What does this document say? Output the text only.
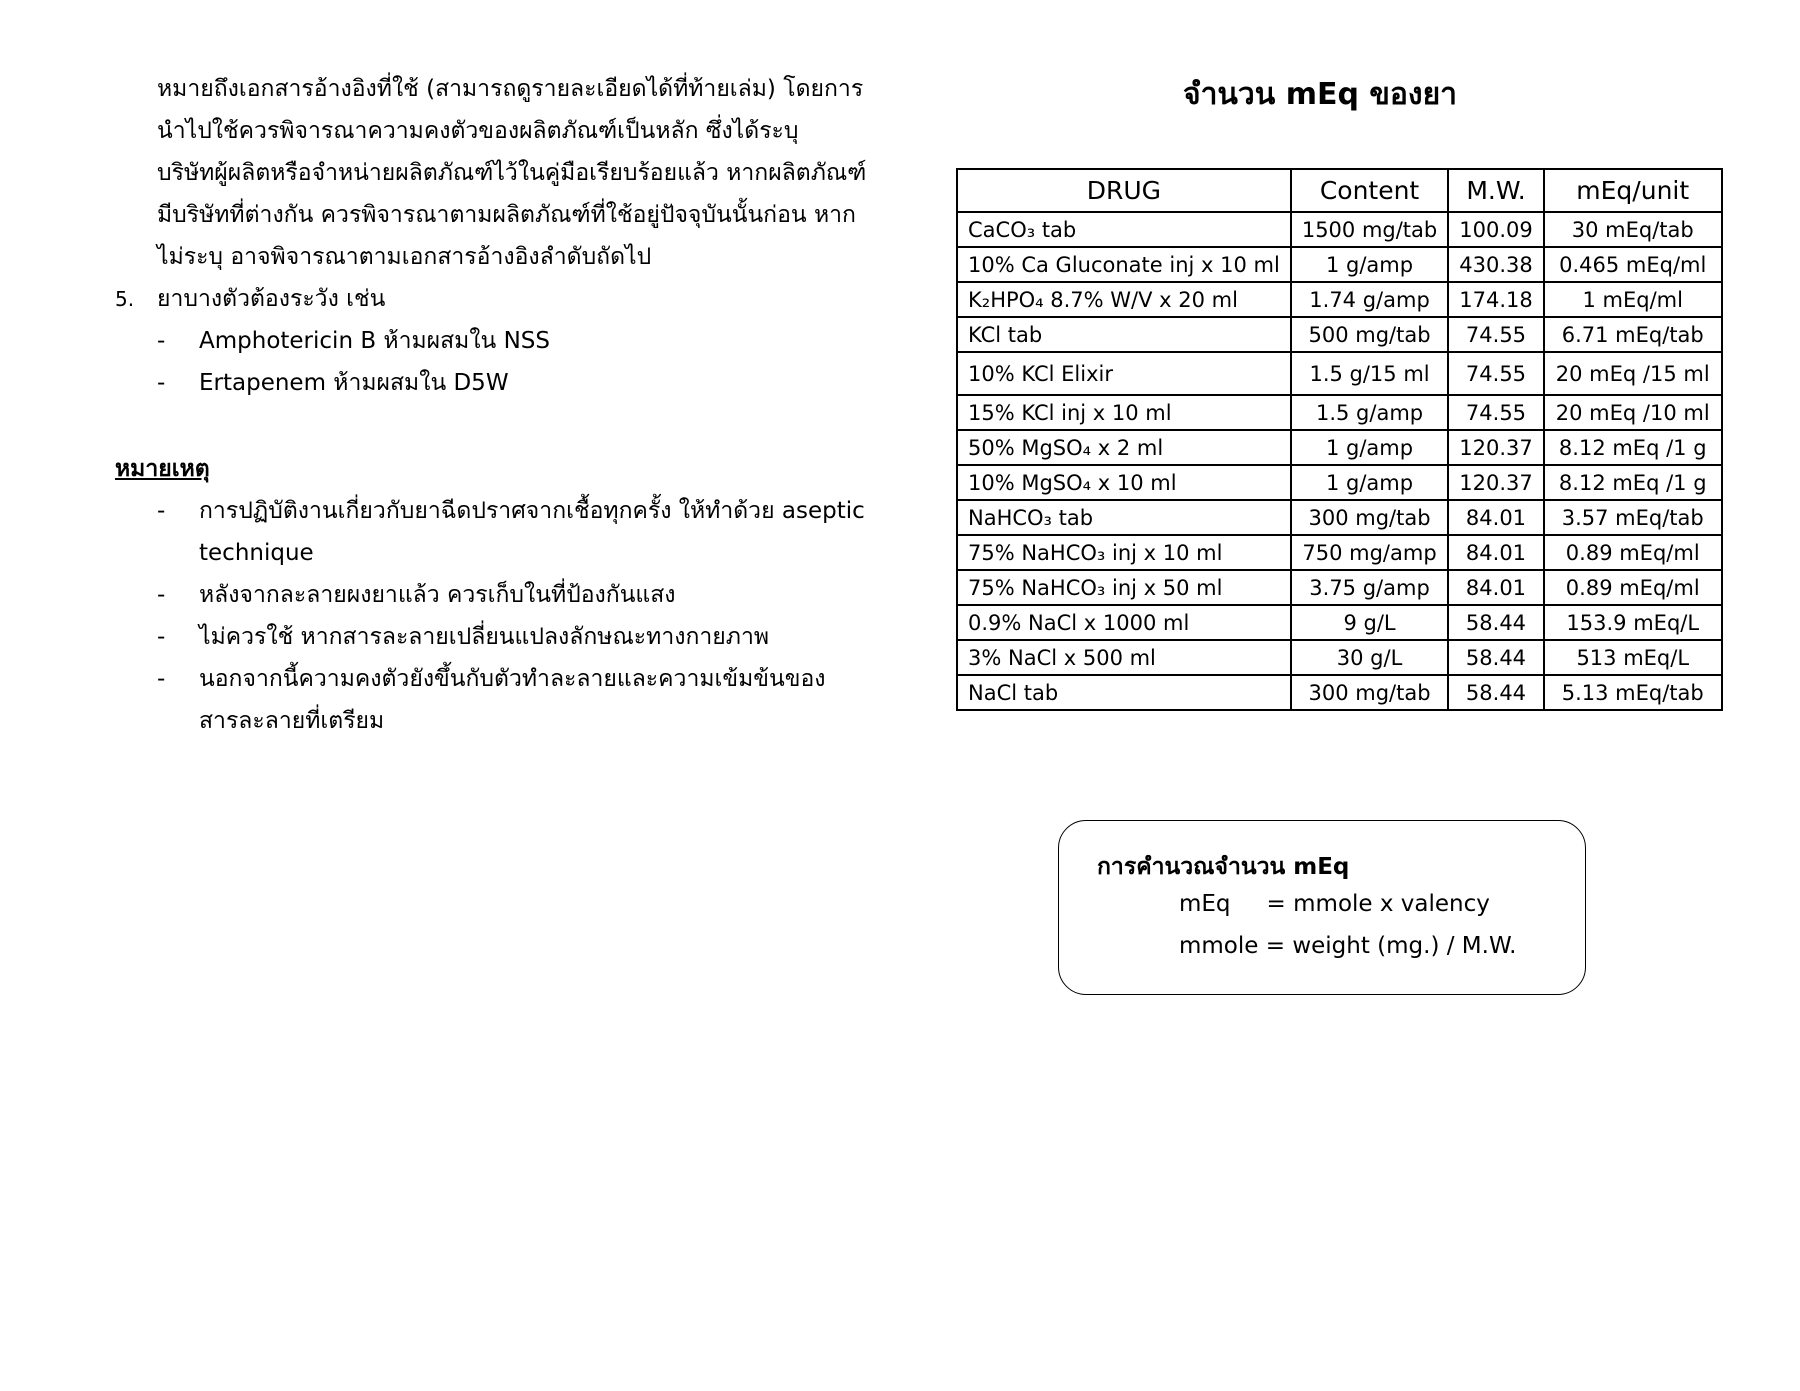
หมายถึงเอกสารอ้างอิงที่ใช้ (สามารถดูรายละเอียดได้ที่ท้ายเล่ม) โดยการ
นำไปใช้ควรพิจารณาความคงตัวของผลิตภัณฑ์เป็นหลัก ซึ่งได้ระบุ
บริษัทผู้ผลิตหรือจำหน่ายผลิตภัณฑ์ไว้ในคู่มือเรียบร้อยแล้ว หากผลิตภัณฑ์
มีบริษัทที่ต่างกัน ควรพิจารณาตามผลิตภัณฑ์ที่ใช้อยู่ปัจจุบันนั้นก่อน หาก
ไม่ระบุ อาจพิจารณาตามเอกสารอ้างอิงลำดับถัดไป
5. ยาบางตัวต้องระวัง เช่น
- Amphotericin B ห้ามผสมใน NSS
- Ertapenem ห้ามผสมใน D5W
หมายเหตุ
- การปฏิบัติงานเกี่ยวกับยาฉีดปราศจากเชื้อทุกครั้ง ให้ทำด้วย aseptic
technique
- หลังจากละลายผงยาแล้ว ควรเก็บในที่ป้องกันแสง
- ไม่ควรใช้ หากสารละลายเปลี่ยนแปลงลักษณะทางกายภาพ
- นอกจากนี้ความคงตัวยังขึ้นกับตัวทำละลายและความเข้มข้นของ
สารละลายที่เตรียม
จำนวน mEq ของยา
DRUG	Content	M.W.	mEq/unit
CaCO₃ tab	1500 mg/tab	100.09	30 mEq/tab
10% Ca Gluconate inj x 10 ml	1 g/amp	430.38	0.465 mEq/ml
K₂HPO₄ 8.7% W/V x 20 ml	1.74 g/amp	174.18	1 mEq/ml
KCl tab	500 mg/tab	74.55	6.71 mEq/tab
10% KCl Elixir	1.5 g/15 ml	74.55	20 mEq /15 ml
15% KCl inj x 10 ml	1.5 g/amp	74.55	20 mEq /10 ml
50% MgSO₄ x 2 ml	1 g/amp	120.37	8.12 mEq /1 g
10% MgSO₄ x 10 ml	1 g/amp	120.37	8.12 mEq /1 g
NaHCO₃ tab	300 mg/tab	84.01	3.57 mEq/tab
75% NaHCO₃ inj x 10 ml	750 mg/amp	84.01	0.89 mEq/ml
75% NaHCO₃ inj x 50 ml	3.75 g/amp	84.01	0.89 mEq/ml
0.9% NaCl x 1000 ml	9 g/L	58.44	153.9 mEq/L
3% NaCl x 500 ml	30 g/L	58.44	513 mEq/L
NaCl tab	300 mg/tab	58.44	5.13 mEq/tab
การคำนวณจำนวน mEq
mEq = mmole x valency
mmole = weight (mg.) / M.W.
